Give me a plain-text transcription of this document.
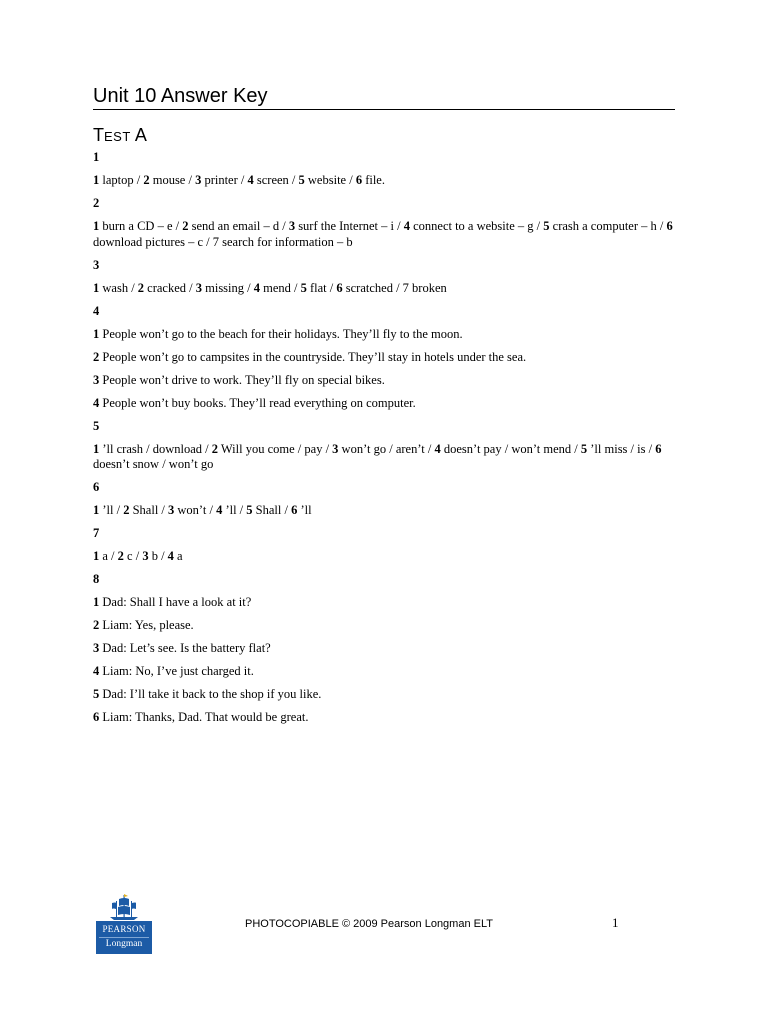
Unit 10 Answer Key
TEST A
1
1 laptop / 2 mouse / 3 printer / 4 screen / 5 website / 6 file.
2
1 burn a CD – e / 2 send an email – d / 3 surf the Internet – i / 4 connect to a website – g / 5 crash a computer – h / 6 download pictures – c / 7 search for information – b
3
1 wash / 2 cracked / 3 missing / 4 mend / 5 flat / 6 scratched / 7 broken
4
1 People won’t go to the beach for their holidays. They’ll fly to the moon.
2 People won’t go to campsites in the countryside. They’ll stay in hotels under the sea.
3 People won’t drive to work. They’ll fly on special bikes.
4 People won’t buy books. They’ll read everything on computer.
5
1 ’ll crash / download / 2 Will you come / pay / 3 won’t go / aren’t / 4 doesn’t pay / won’t mend / 5 ’ll miss / is / 6 doesn’t snow / won’t go
6
1 ’ll / 2 Shall / 3 won’t / 4 ’ll / 5 Shall / 6 ’ll
7
1 a / 2 c / 3 b / 4 a
8
1 Dad: Shall I have a look at it?
2 Liam: Yes, please.
3 Dad: Let’s see. Is the battery flat?
4 Liam: No, I’ve just charged it.
5 Dad: I’ll take it back to the shop if you like.
6 Liam: Thanks, Dad. That would be great.
PEARSON
Longman
PHOTOCOPIABLE © 2009 Pearson Longman ELT	1
